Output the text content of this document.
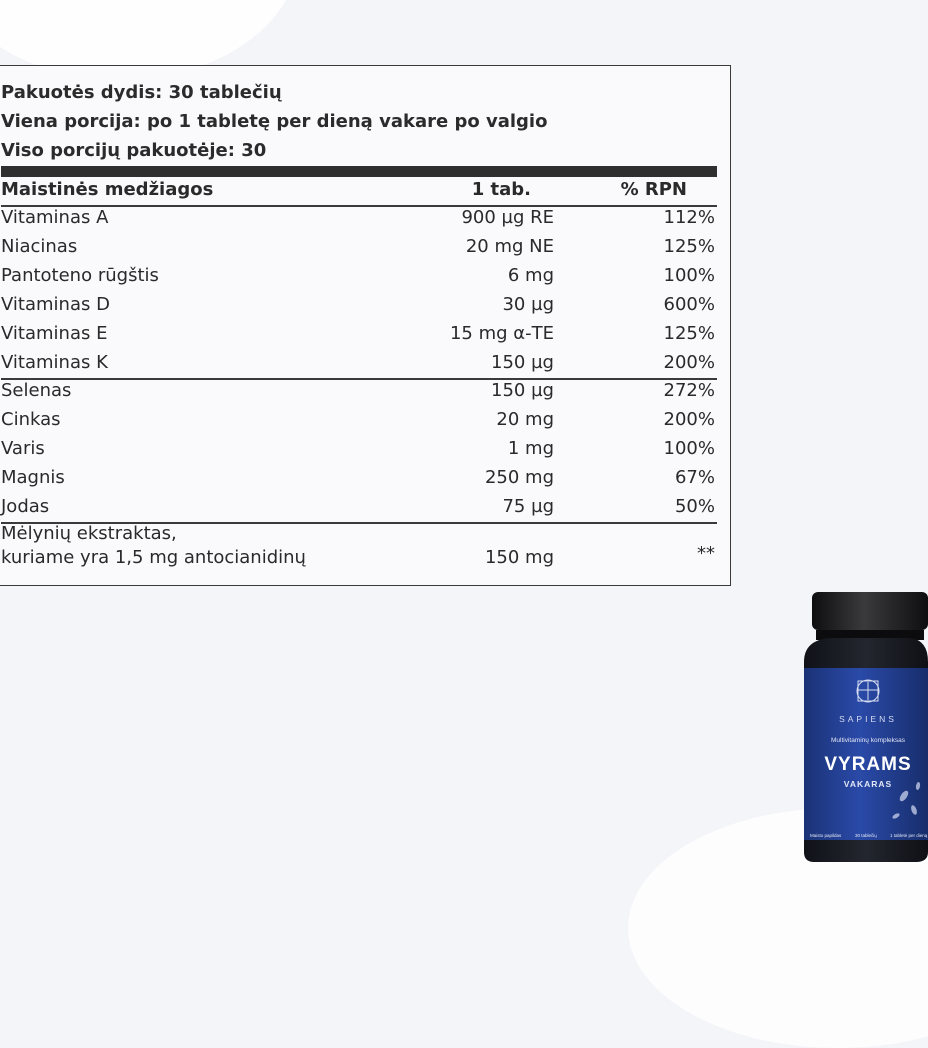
Pakuotės dydis: 30 tablečių
Viena porcija: po 1 tabletę per dieną vakare po valgio
Viso porcijų pakuotėje: 30
Maistinės medžiagos	1 tab.	% RPN
Vitaminas A	900 µg RE	112%
Niacinas	20 mg NE	125%
Pantoteno rūgštis	6 mg	100%
Vitaminas D	30 µg	600%
Vitaminas E	15 mg α-TE	125%
Vitaminas K	150 µg	200%
Selenas	150 µg	272%
Cinkas	20 mg	200%
Varis	1 mg	100%
Magnis	250 mg	67%
Jodas	75 µg	50%
Mėlynių ekstraktas,
kuriame yra 1,5 mg antocianidinų	150 mg	**
SAPIENS
Multivitaminų kompleksas
VYRAMS
VAKARAS
Maisto papildas	30 tablečių	1 tabletė per dieną
